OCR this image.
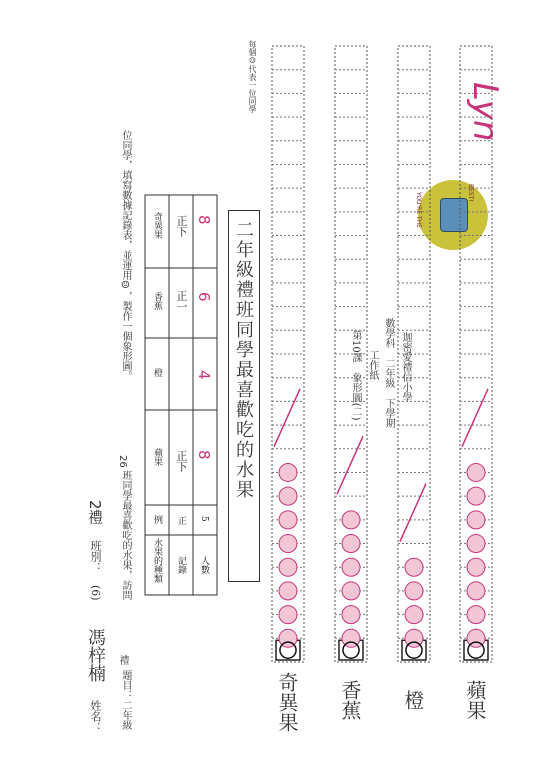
迦密愛禮信小學
數學科　二年級　下學期
工作紙
第10課　象形圖(二)
YOU'RE THE	BEST!
Lyn
姓名：
馮梓楠
(6)
班別：
2禮
題目：二年級
禮
班同學最喜歡吃的水果，訪問
26
位同學，填寫數據記錄表，並運用☺，製作一個象形圖。
水果的種類
例
蘋果
橙
香蕉
奇異果
記錄
正
正下
正一
正下
人數
5
8
4
6
8
二年級禮班同學最喜歡吃的水果
每個☺代表一位同學
奇異果 香蕉 橙 蘋果
